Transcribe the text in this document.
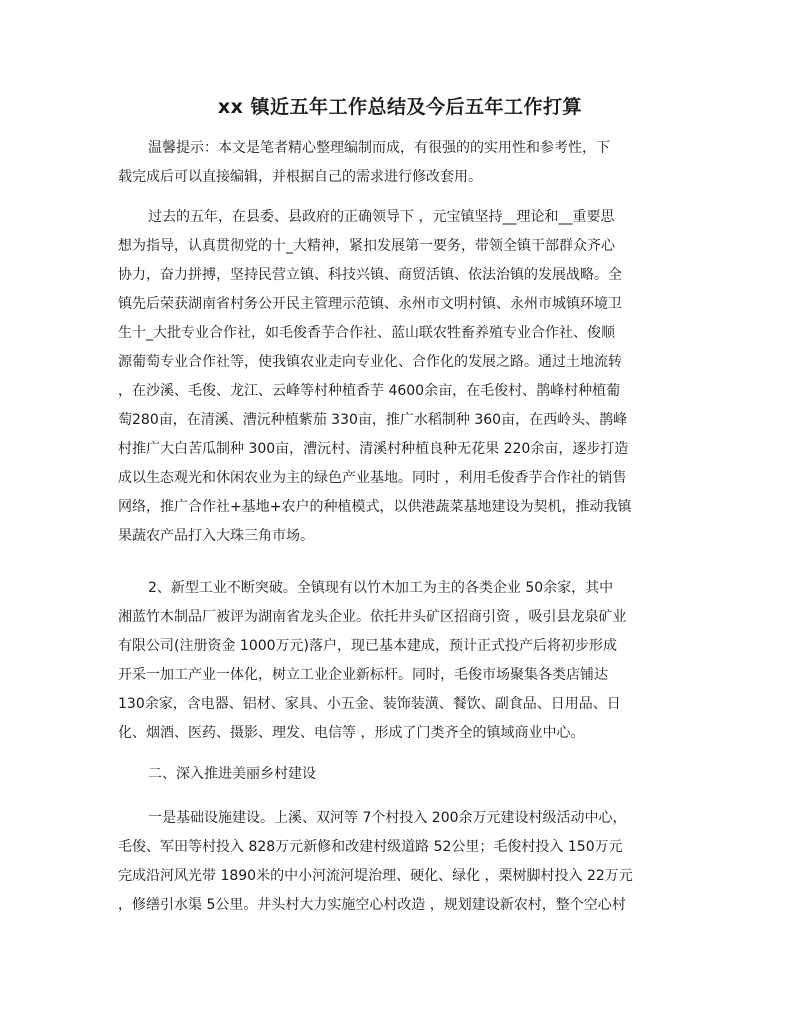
xx 镇近五年工作总结及今后五年工作打算
温馨提示：本文是笔者精心整理编制而成，有很强的的实用性和参考性，下
载完成后可以直接编辑，并根据自己的需求进行修改套用。
过去的五年，在县委、县政府的正确领导下 ，元宝镇坚持__理论和__重要思
想为指导，认真贯彻党的十_大精神，紧扣发展第一要务，带领全镇干部群众齐心
协力，奋力拼搏，坚持民营立镇、科技兴镇、商贸活镇、依法治镇的发展战略。全
镇先后荣获湖南省村务公开民主管理示范镇、永州市文明村镇、永州市城镇环境卫
生十_大批专业合作社，如毛俊香芋合作社、蓝山联农牲畜养殖专业合作社、俊顺
源葡萄专业合作社等，使我镇农业走向专业化、合作化的发展之路。通过土地流转
，在沙溪、毛俊、龙江、云峰等村种植香芋 4600余亩，在毛俊村、鹊峰村种植葡
萄280亩，在清溪、漕沅种植紫茄 330亩，推广水稻制种 360亩，在西岭头、鹊峰
村推广大白苦瓜制种 300亩，漕沅村、清溪村种植良种无花果 220余亩，逐步打造
成以生态观光和休闲农业为主的绿色产业基地。同时 ，利用毛俊香芋合作社的销售
网络，推广合作社+基地+农户的种植模式，以供港蔬菜基地建设为契机，推动我镇
果蔬农产品打入大珠三角市场。
2、新型工业不断突破。全镇现有以竹木加工为主的各类企业 50余家，其中
湘蓝竹木制品厂被评为湖南省龙头企业。依托井头矿区招商引资 ，吸引县龙泉矿业
有限公司(注册资金 1000万元)落户，现已基本建成，预计正式投产后将初步形成
开采一加工产业一体化，树立工业企业新标杆。同时，毛俊市场聚集各类店铺达
130余家，含电器、铝材、家具、小五金、装饰装潢、餐饮、副食品、日用品、日
化、烟酒、医药、摄影、理发、电信等 ，形成了门类齐全的镇域商业中心。
二、深入推进美丽乡村建设
一是基础设施建设。上溪、双河等 7个村投入 200余万元建设村级活动中心，
毛俊、军田等村投入 828万元新修和改建村级道路 52公里；毛俊村投入 150万元
完成沿河风光带 1890米的中小河流河堤治理、硬化、绿化 ，栗树脚村投入 22万元
，修缮引水渠 5公里。井头村大力实施空心村改造 ，规划建设新农村，整个空心村
